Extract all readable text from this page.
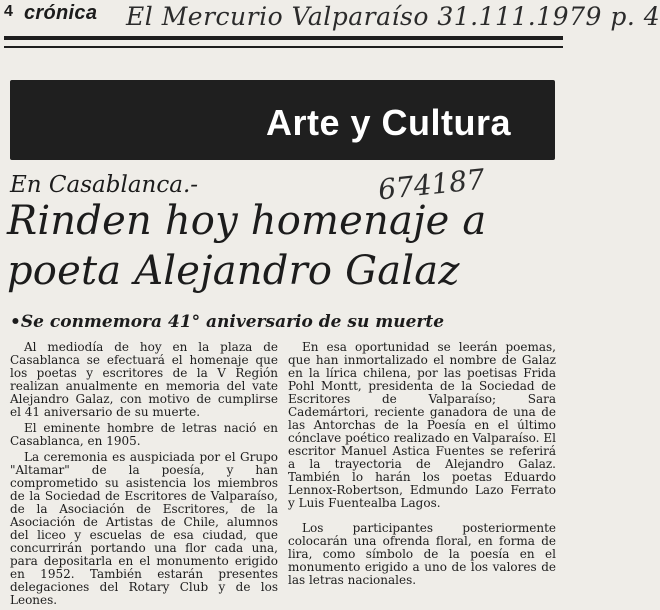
4 crónica El Mercurio Valparaíso 31.111.1979 p. 4
Arte y Cultura
En Casablanca.-	674187
Rinden hoy homenaje a poeta Alejandro Galaz
•Se conmemora 41° aniversario de su muerte

Al mediodía de hoy en la plaza de Casablanca se efectuará el homenaje que los poetas y escritores de la V Región realizan anualmente en memoria del vate Alejandro Galaz, con motivo de cumplirse el 41 aniversario de su muerte.

El eminente hombre de letras nació en Casablanca, en 1905.

La ceremonia es auspiciada por el Grupo "Altamar" de la poesía, y han comprometido su asistencia los miembros de la Sociedad de Escritores de Valparaíso, de la Asociación de Escritores, de la Asociación de Artistas de Chile, alumnos del liceo y escuelas de esa ciudad, que concurrirán portando una flor cada una, para depositarla en el monumento erigido en 1952. También estarán presentes delegaciones del Rotary Club y de los Leones.

En esa oportunidad se leerán poemas, que han inmortalizado el nombre de Galaz en la lírica chilena, por las poetisas Frida Pohl Montt, presidenta de la Sociedad de Escritores de Valparaíso; Sara Cademártori, reciente ganadora de una de las Antorchas de la Poesía en el último cónclave poético realizado en Valparaíso. El escritor Manuel Astica Fuentes se referirá a la trayectoria de Alejandro Galaz. También lo harán los poetas Eduardo Lennox-Robertson, Edmundo Lazo Ferrato y Luis Fuentealba Lagos.

Los participantes posteriormente colocarán una ofrenda floral, en forma de lira, como símbolo de la poesía en el monumento erigido a uno de los valores de las letras nacionales.
